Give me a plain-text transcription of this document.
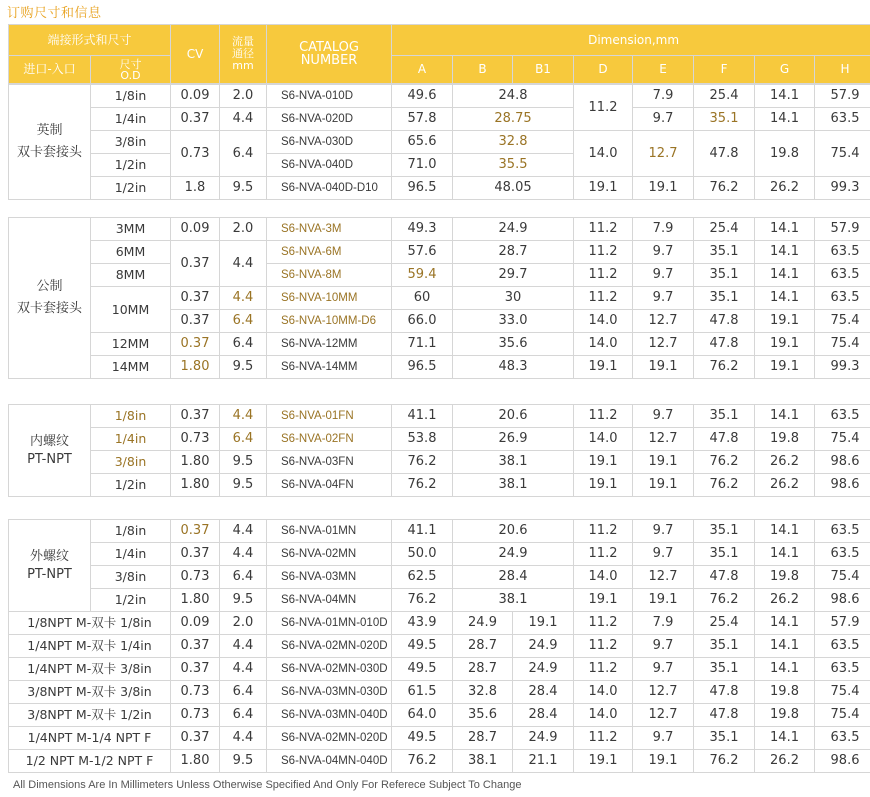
订购尺寸和信息
端接形式和尺寸		CV	流量
通径
mm	CATALOG
NUMBER	Dimension,mm							
进口-入口	尺寸
O.D				A	B	B1	D	E	F	G	H
英制
双卡套接头	1/8in	0.09	2.0	S6-NVA-010D	49.6	24.8	11.2	7.9	25.4	14.1	57.9
	1/4in	0.37	4.4	S6-NVA-020D	57.8	28.75		9.7	35.1	14.1	63.5
	3/8in	0.73	6.4	S6-NVA-030D	65.6	32.8	14.0	12.7	47.8	19.8	75.4
	1/2in			S6-NVA-040D	71.0	35.5					
	1/2in	1.8	9.5	S6-NVA-040D-D10	96.5	48.05	19.1	19.1	76.2	26.2	99.3
公制
双卡套接头	3MM	0.09	2.0	S6-NVA-3M	49.3	24.9	11.2	7.9	25.4	14.1	57.9
	6MM	0.37	4.4	S6-NVA-6M	57.6	28.7	11.2	9.7	35.1	14.1	63.5
	8MM			S6-NVA-8M	59.4	29.7	11.2	9.7	35.1	14.1	63.5
	10MM	0.37	4.4	S6-NVA-10MM	60	30	11.2	9.7	35.1	14.1	63.5
		0.37	6.4	S6-NVA-10MM-D6	66.0	33.0	14.0	12.7	47.8	19.1	75.4
	12MM	0.37	6.4	S6-NVA-12MM	71.1	35.6	14.0	12.7	47.8	19.1	75.4
	14MM	1.80	9.5	S6-NVA-14MM	96.5	48.3	19.1	19.1	76.2	19.1	99.3
内螺纹
PT-NPT	1/8in	0.37	4.4	S6-NVA-01FN	41.1	20.6	11.2	9.7	35.1	14.1	63.5
	1/4in	0.73	6.4	S6-NVA-02FN	53.8	26.9	14.0	12.7	47.8	19.8	75.4
	3/8in	1.80	9.5	S6-NVA-03FN	76.2	38.1	19.1	19.1	76.2	26.2	98.6
	1/2in	1.80	9.5	S6-NVA-04FN	76.2	38.1	19.1	19.1	76.2	26.2	98.6
外螺纹
PT-NPT	1/8in	0.37	4.4	S6-NVA-01MN	41.1	20.6		11.2	9.7	35.1	14.1	63.5
	1/4in	0.37	4.4	S6-NVA-02MN	50.0	24.9		11.2	9.7	35.1	14.1	63.5
	3/8in	0.73	6.4	S6-NVA-03MN	62.5	28.4		14.0	12.7	47.8	19.8	75.4
	1/2in	1.80	9.5	S6-NVA-04MN	76.2	38.1		19.1	19.1	76.2	26.2	98.6
1/8NPT M-双卡 1/8in		0.09	2.0	S6-NVA-01MN-010D	43.9	24.9	19.1	11.2	7.9	25.4	14.1	57.9
1/4NPT M-双卡 1/4in		0.37	4.4	S6-NVA-02MN-020D	49.5	28.7	24.9	11.2	9.7	35.1	14.1	63.5
1/4NPT M-双卡 3/8in		0.37	4.4	S6-NVA-02MN-030D	49.5	28.7	24.9	11.2	9.7	35.1	14.1	63.5
3/8NPT M-双卡 3/8in		0.73	6.4	S6-NVA-03MN-030D	61.5	32.8	28.4	14.0	12.7	47.8	19.8	75.4
3/8NPT M-双卡 1/2in		0.73	6.4	S6-NVA-03MN-040D	64.0	35.6	28.4	14.0	12.7	47.8	19.8	75.4
1/4NPT M-1/4 NPT F		0.37	4.4	S6-NVA-02MN-020D	49.5	28.7	24.9	11.2	9.7	35.1	14.1	63.5
1/2 NPT M-1/2 NPT F		1.80	9.5	S6-NVA-04MN-040D	76.2	38.1	21.1	19.1	19.1	76.2	26.2	98.6
All Dimensions Are In Millimeters Unless Otherwise Specified And Only For Referece Subject To Change
